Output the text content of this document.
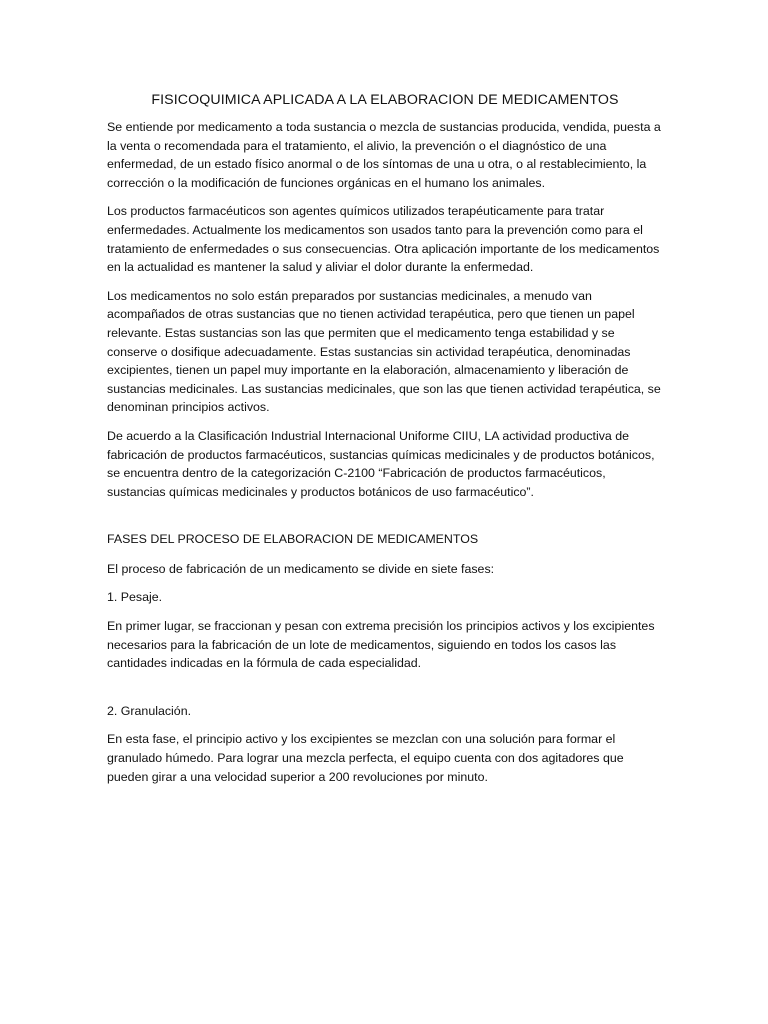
FISICOQUIMICA APLICADA A LA ELABORACION DE MEDICAMENTOS

Se entiende por medicamento a toda sustancia o mezcla de sustancias producida, vendida, puesta a la venta o recomendada para el tratamiento, el alivio, la prevención o el diagnóstico de una enfermedad, de un estado físico anormal o de los síntomas de una u otra, o al restablecimiento, la corrección o la modificación de funciones orgánicas en el humano los animales.

Los productos farmacéuticos son agentes químicos utilizados terapéuticamente para tratar enfermedades. Actualmente los medicamentos son usados tanto para la prevención como para el tratamiento de enfermedades o sus consecuencias. Otra aplicación importante de los medicamentos en la actualidad es mantener la salud y aliviar el dolor durante la enfermedad.

Los medicamentos no solo están preparados por sustancias medicinales, a menudo van acompañados de otras sustancias que no tienen actividad terapéutica, pero que tienen un papel relevante. Estas sustancias son las que permiten que el medicamento tenga estabilidad y se conserve o dosifique adecuadamente. Estas sustancias sin actividad terapéutica, denominadas excipientes, tienen un papel muy importante en la elaboración, almacenamiento y liberación de sustancias medicinales. Las sustancias medicinales, que son las que tienen actividad terapéutica, se denominan principios activos.

De acuerdo a la Clasificación Industrial Internacional Uniforme CIIU, LA actividad productiva de fabricación de productos farmacéuticos, sustancias químicas medicinales y de productos botánicos, se encuentra dentro de la categorización C-2100 “Fabricación de productos farmacéuticos, sustancias químicas medicinales y productos botánicos de uso farmacéutico”.

FASES DEL PROCESO DE ELABORACION DE MEDICAMENTOS

El proceso de fabricación de un medicamento se divide en siete fases:

1. Pesaje.

En primer lugar, se fraccionan y pesan con extrema precisión los principios activos y los excipientes necesarios para la fabricación de un lote de medicamentos, siguiendo en todos los casos las cantidades indicadas en la fórmula de cada especialidad.

2. Granulación.

En esta fase, el principio activo y los excipientes se mezclan con una solución para formar el granulado húmedo. Para lograr una mezcla perfecta, el equipo cuenta con dos agitadores que pueden girar a una velocidad superior a 200 revoluciones por minuto.
